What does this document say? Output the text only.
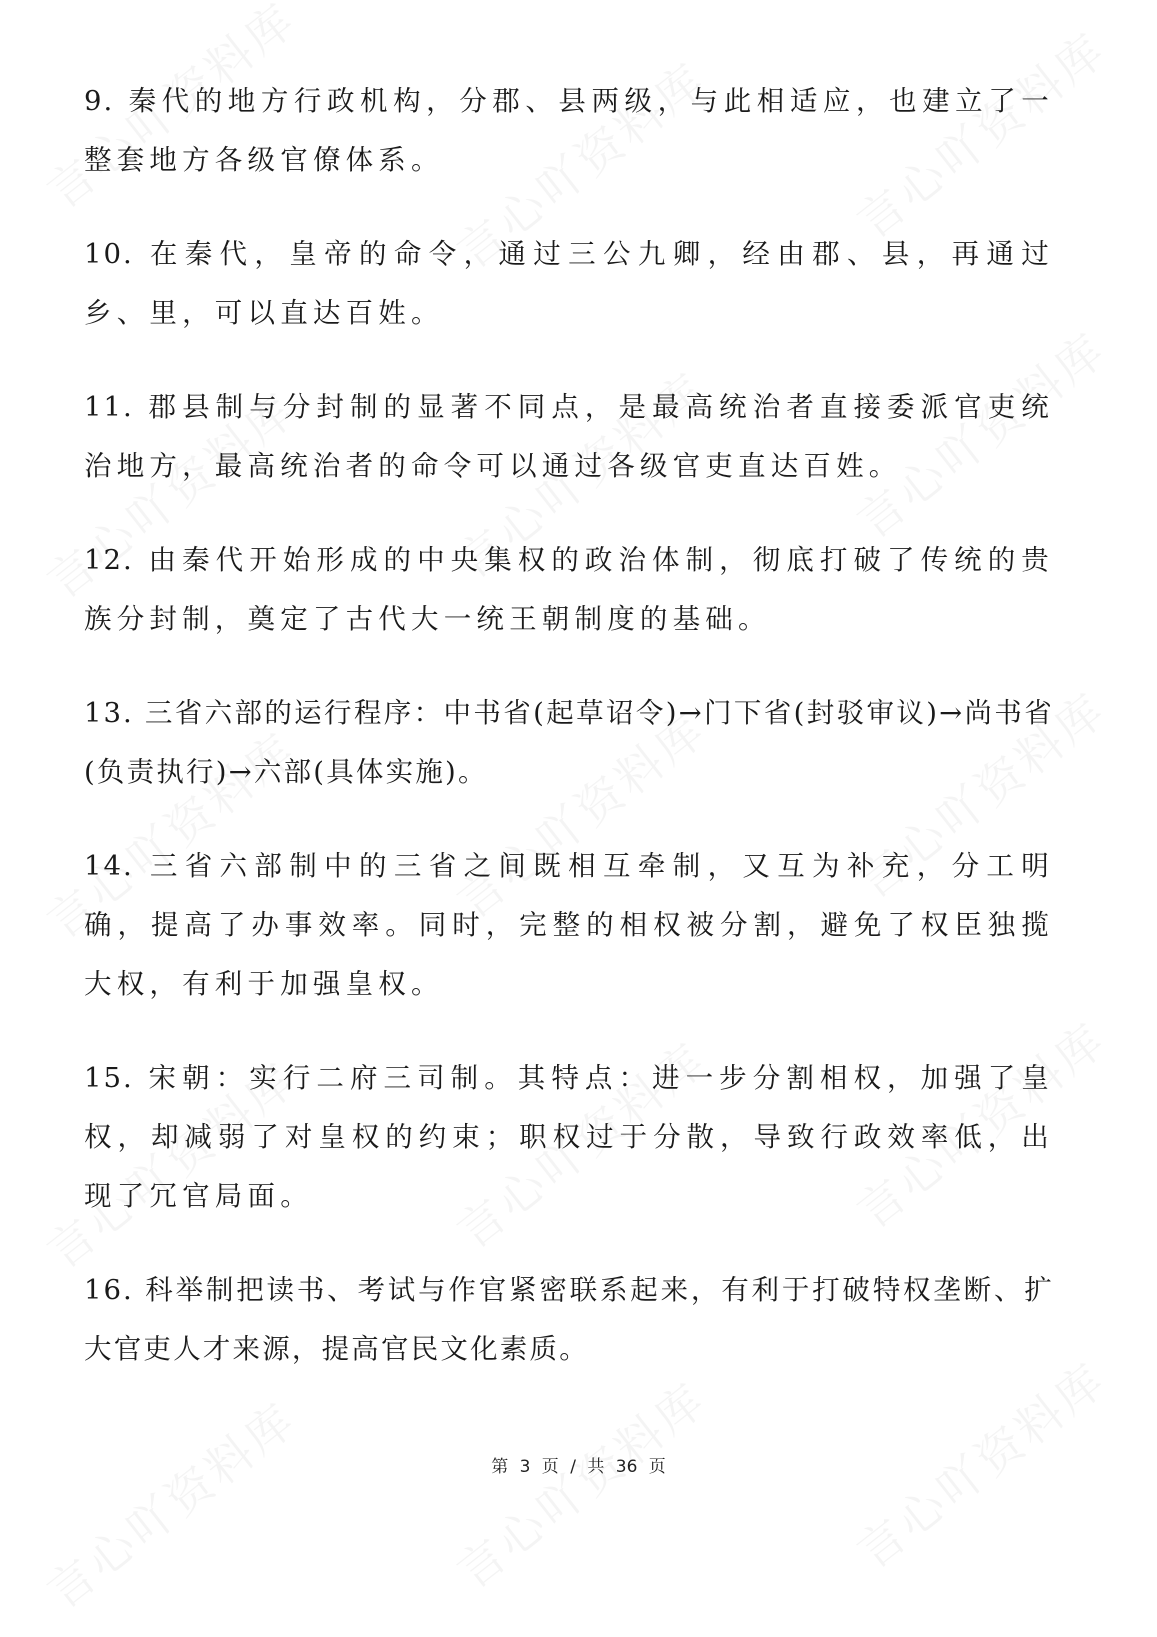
9. 秦代的地方行政机构，分郡、县两级，与此相适应，也建立了一整套地方各级官僚体系。

10. 在秦代，皇帝的命令，通过三公九卿，经由郡、县，再通过乡、里，可以直达百姓。

11. 郡县制与分封制的显著不同点，是最高统治者直接委派官吏统治地方，最高统治者的命令可以通过各级官吏直达百姓。

12. 由秦代开始形成的中央集权的政治体制，彻底打破了传统的贵族分封制，奠定了古代大一统王朝制度的基础。

13. 三省六部的运行程序：中书省(起草诏令)→门下省(封驳审议)→尚书省(负责执行)→六部(具体实施)。

14. 三省六部制中的三省之间既相互牵制，又互为补充，分工明确，提高了办事效率。同时，完整的相权被分割，避免了权臣独揽大权，有利于加强皇权。

15. 宋朝：实行二府三司制。其特点：进一步分割相权，加强了皇权，却减弱了对皇权的约束；职权过于分散，导致行政效率低，出现了冗官局面。

16. 科举制把读书、考试与作官紧密联系起来，有利于打破特权垄断、扩大官吏人才来源，提高官民文化素质。

第 3 页 / 共 36 页
